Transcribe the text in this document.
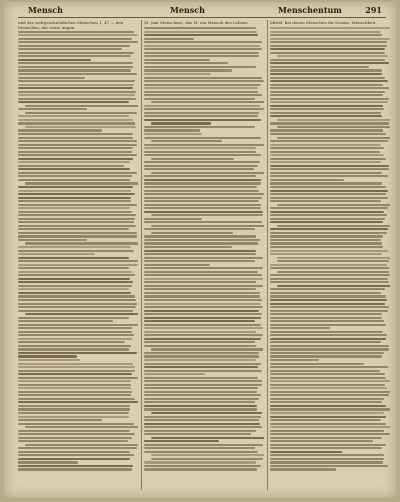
Mensch	Mensch	Menschentum	291
und des weltgeschichtlichen Menschen 1, 47 — den Menschen, der seine Augen
M. (mit Menschen), das M. ein Mensch des Lebens	Mittel, bei denen Menschen ihr Dasein; Menschheit
